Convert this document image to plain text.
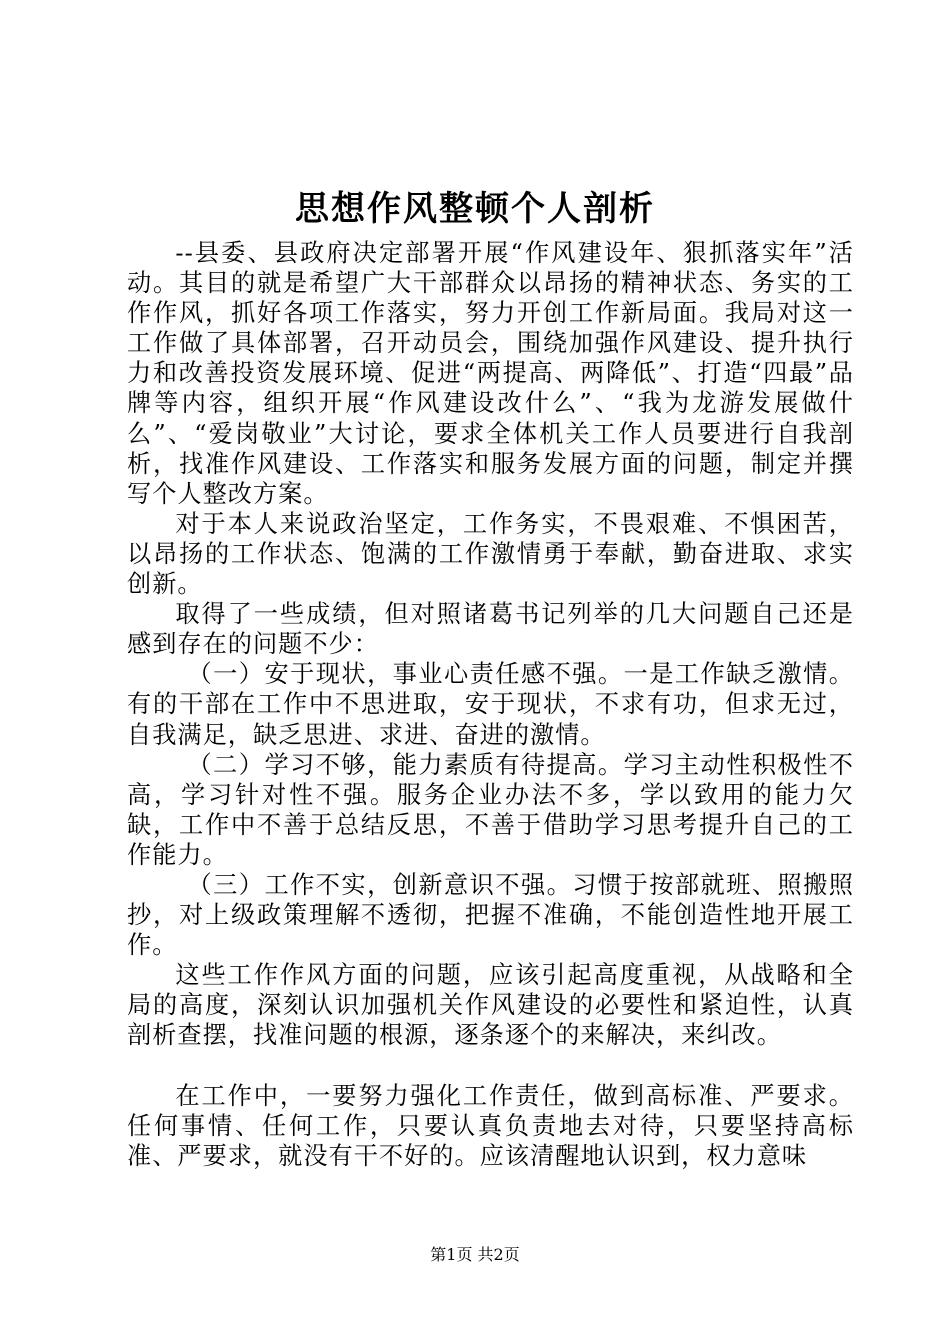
思想作风整顿个人剖析

--县委、县政府决定部署开展“作风建设年、狠抓落实年”活动。其目的就是希望广大干部群众以昂扬的精神状态、务实的工作作风，抓好各项工作落实，努力开创工作新局面。我局对这一工作做了具体部署，召开动员会，围绕加强作风建设、提升执行力和改善投资发展环境、促进“两提高、两降低”、打造“四最”品牌等内容，组织开展“作风建设改什么”、“我为龙游发展做什么”、“爱岗敬业”大讨论，要求全体机关工作人员要进行自我剖析，找准作风建设、工作落实和服务发展方面的问题，制定并撰写个人整改方案。

对于本人来说政治坚定，工作务实，不畏艰难、不惧困苦，以昂扬的工作状态、饱满的工作激情勇于奉献，勤奋进取、求实创新。

取得了一些成绩，但对照诸葛书记列举的几大问题自己还是感到存在的问题不少：

（一）安于现状，事业心责任感不强。一是工作缺乏激情。有的干部在工作中不思进取，安于现状，不求有功，但求无过，自我满足，缺乏思进、求进、奋进的激情。

（二）学习不够，能力素质有待提高。学习主动性积极性不高，学习针对性不强。服务企业办法不多，学以致用的能力欠缺，工作中不善于总结反思，不善于借助学习思考提升自己的工作能力。

（三）工作不实，创新意识不强。习惯于按部就班、照搬照抄，对上级政策理解不透彻，把握不准确，不能创造性地开展工作。

这些工作作风方面的问题，应该引起高度重视，从战略和全局的高度，深刻认识加强机关作风建设的必要性和紧迫性，认真剖析查摆，找准问题的根源，逐条逐个的来解决，来纠改。

在工作中，一要努力强化工作责任，做到高标准、严要求。任何事情、任何工作，只要认真负责地去对待，只要坚持高标准、严要求，就没有干不好的。应该清醒地认识到，权力意味

第1页 共2页
